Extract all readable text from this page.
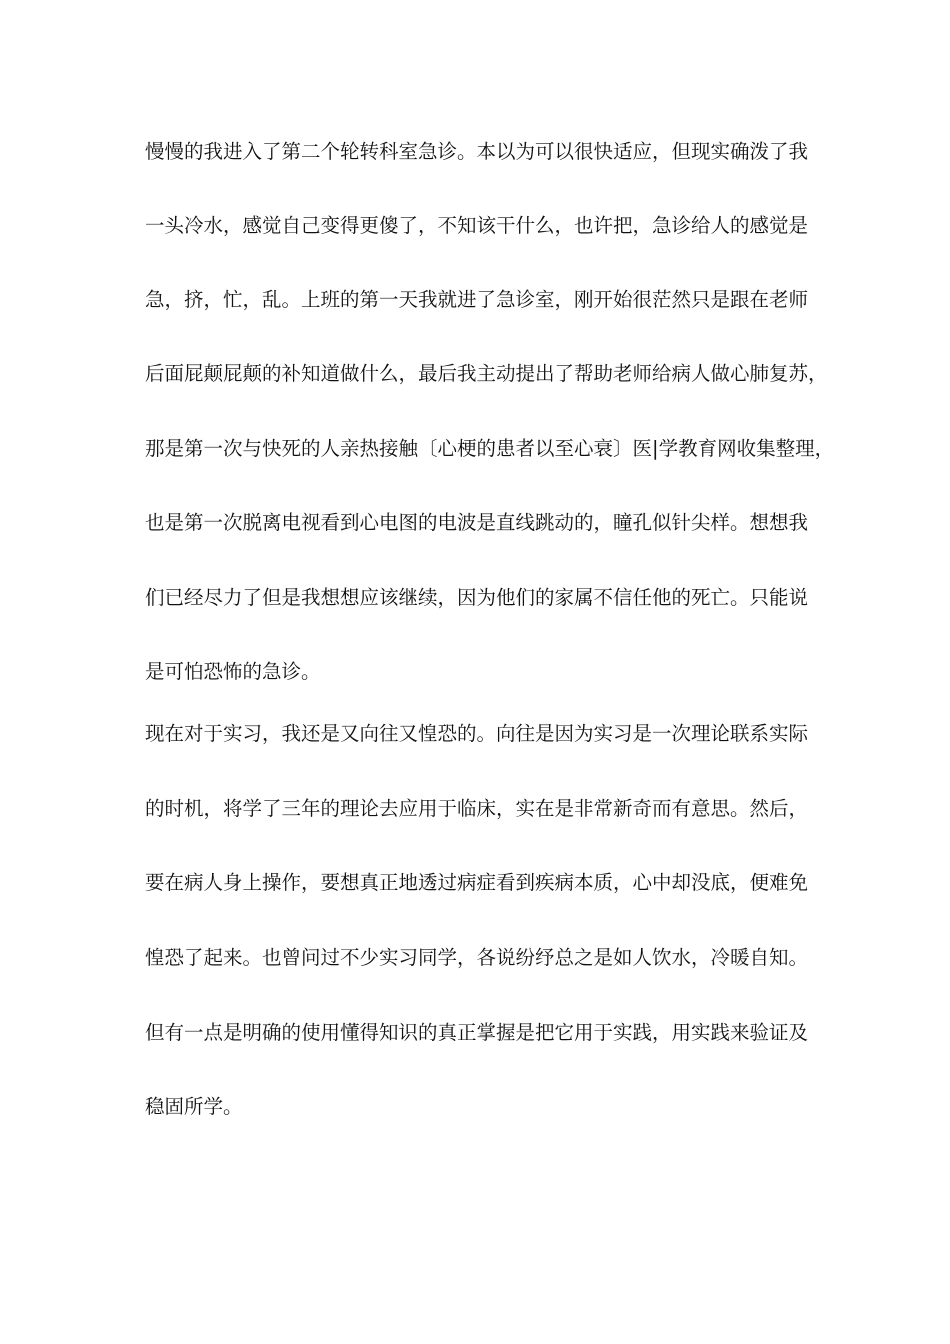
慢慢的我进入了第二个轮转科室急诊。本以为可以很快适应，但现实确泼了我
一头冷水，感觉自己变得更傻了，不知该干什么，也许把，急诊给人的感觉是
急，挤，忙，乱。上班的第一天我就进了急诊室，刚开始很茫然只是跟在老师
后面屁颠屁颠的补知道做什么，最后我主动提出了帮助老师给病人做心肺复苏，
那是第一次与快死的人亲热接触〔心梗的患者以至心衰〕医|学教育网收集整理，
也是第一次脱离电视看到心电图的电波是直线跳动的，瞳孔似针尖样。想想我
们已经尽力了但是我想想应该继续，因为他们的家属不信任他的死亡。只能说
是可怕恐怖的急诊。
现在对于实习，我还是又向往又惶恐的。向往是因为实习是一次理论联系实际
的时机，将学了三年的理论去应用于临床，实在是非常新奇而有意思。然后，
要在病人身上操作，要想真正地透过病症看到疾病本质，心中却没底，便难免
惶恐了起来。也曾问过不少实习同学，各说纷纾总之是如人饮水，冷暖自知。
但有一点是明确的使用懂得知识的真正掌握是把它用于实践，用实践来验证及
稳固所学。
